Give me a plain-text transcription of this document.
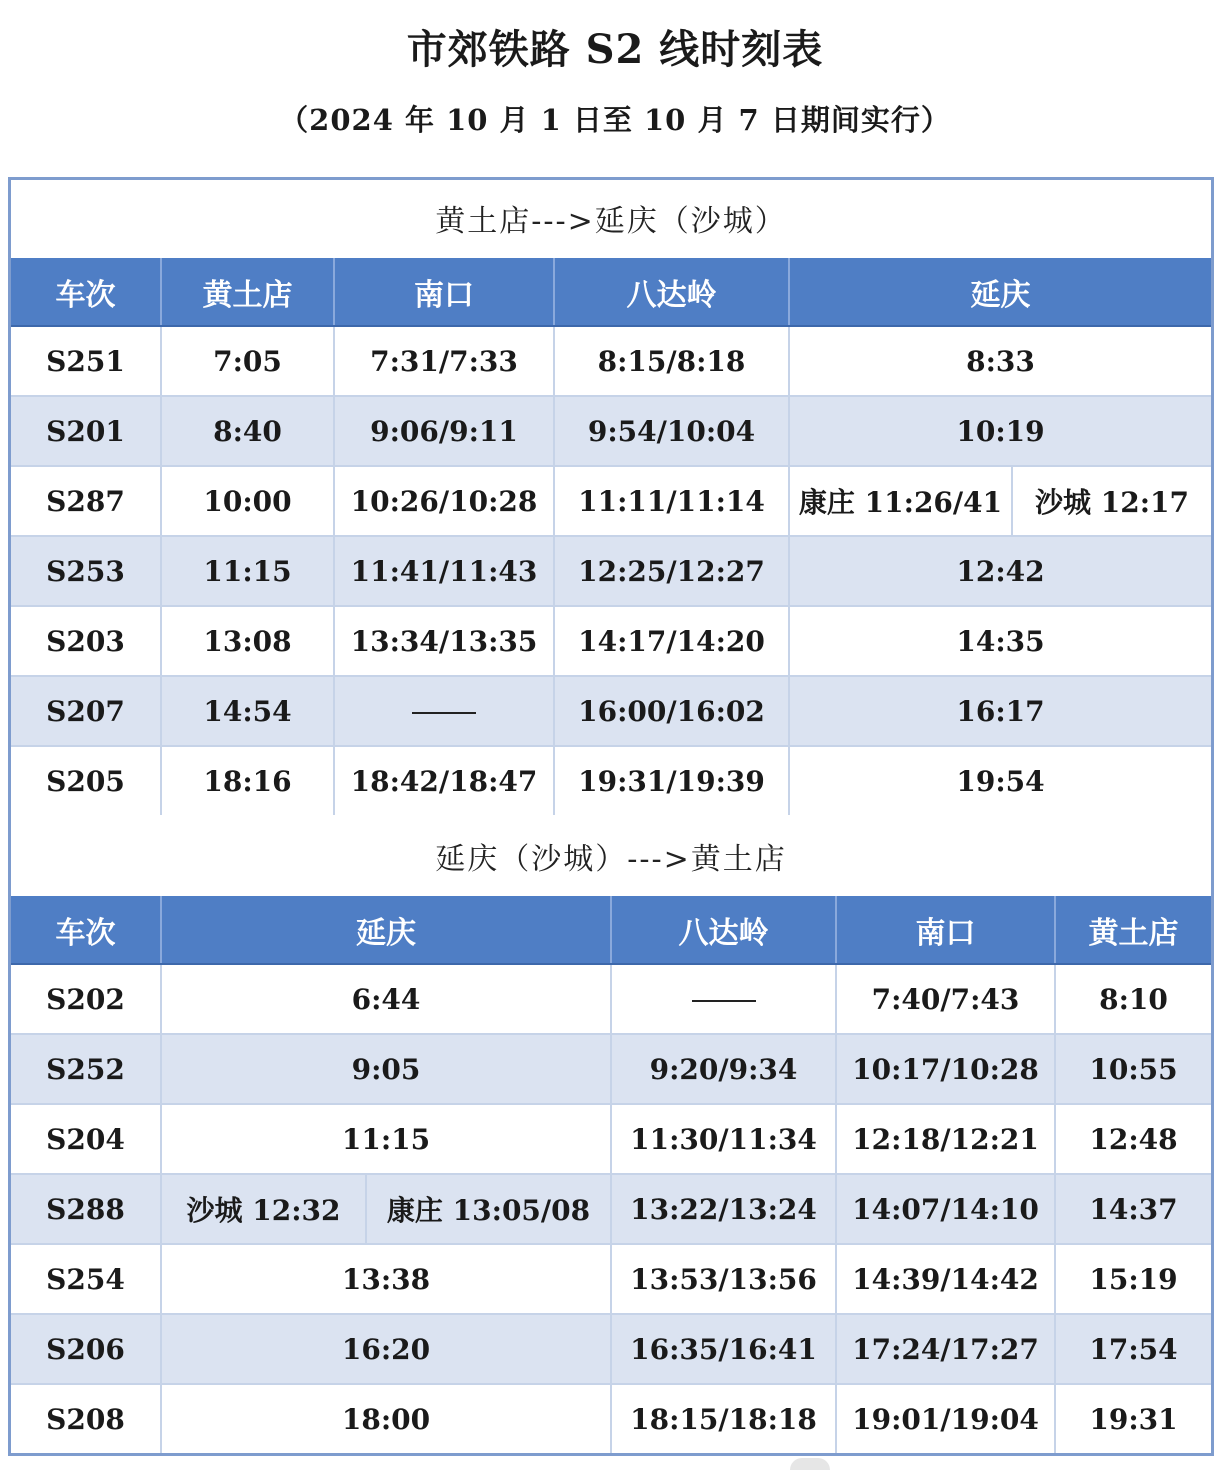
市郊铁路 S2 线时刻表
（2024 年 10 月 1 日至 10 月 7 日期间实行）
黄土店--->延庆（沙城）
车次	黄土店	南口	八达岭	延庆	
S251	7:05	7:31/7:33	8:15/8:18	8:33	
S201	8:40	9:06/9:11	9:54/10:04	10:19	
S287	10:00	10:26/10:28	11:11/11:14	康庄 11:26/41	沙城 12:17
S253	11:15	11:41/11:43	12:25/12:27	12:42	
S203	13:08	13:34/13:35	14:17/14:20	14:35	
S207	14:54		16:00/16:02	16:17	
S205	18:16	18:42/18:47	19:31/19:39	19:54	
延庆（沙城）--->黄土店
车次	延庆		八达岭	南口	黄土店
S202	6:44			7:40/7:43	8:10
S252	9:05		9:20/9:34	10:17/10:28	10:55
S204	11:15		11:30/11:34	12:18/12:21	12:48
S288	沙城 12:32	康庄 13:05/08	13:22/13:24	14:07/14:10	14:37
S254	13:38		13:53/13:56	14:39/14:42	15:19
S206	16:20		16:35/16:41	17:24/17:27	17:54
S208	18:00		18:15/18:18	19:01/19:04	19:31
